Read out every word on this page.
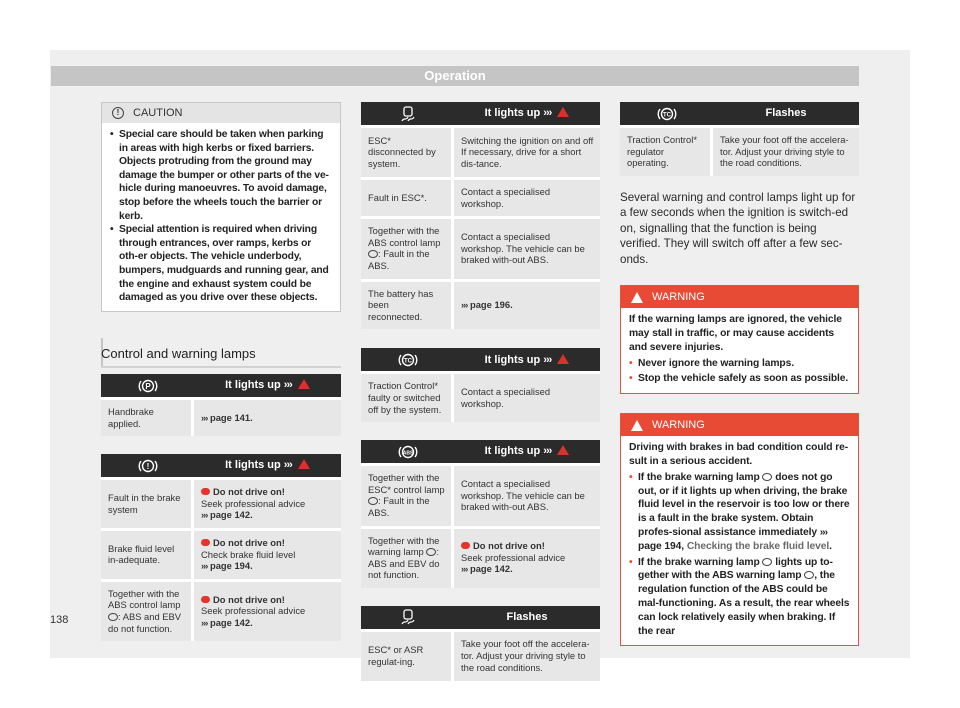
Operation
138
!	CAUTION
• Special care should be taken when parking in areas with high kerbs or fixed barriers. Objects protruding from the ground may damage the bumper or other parts of the ve-hicle during manoeuvres. To avoid damage, stop before the wheels touch the barrier or kerb.
• Special attention is required when driving through entrances, over ramps, kerbs or oth-er objects. The vehicle underbody, bumpers, mudguards and running gear, and the engine and exhaust system could be damaged as you drive over these objects.
Control and warning lamps
P	It lights up ›››
Handbrake applied.	››› page 141.
!	It lights up ›››
Fault in the brake system	Do not drive on!
Seek professional advice
››› page 142.
Brake fluid level in-adequate.	Do not drive on!
Check brake fluid level
››› page 194.
Together with the ABS control lamp
: ABS and EBV do not function.	Do not drive on!
Seek professional advice
››› page 142.
	It lights up ›››
ESC* disconnected by system.	Switching the ignition on and off If necessary, drive for a short dis-tance.
Fault in ESC*.	Contact a specialised workshop.
Together with the ABS control lamp
: Fault in the ABS.	Contact a specialised workshop. The vehicle can be braked with-out ABS.
The battery has been reconnected.	››› page 196.
TC	It lights up ›››
Traction Control* faulty or switched off by the system.	Contact a specialised workshop.
ABS	It lights up ›››
Together with the ESC* control lamp
: Fault in the ABS.	Contact a specialised workshop. The vehicle can be braked with-out ABS.
Together with the warning lamp : ABS and EBV do not function.	Do not drive on!
Seek professional advice
››› page 142.
	Flashes
ESC* or ASR regulat-ing.	Take your foot off the accelera-tor. Adjust your driving style to the road conditions.
TC	Flashes
Traction Control* regulator operating.	Take your foot off the accelera-tor. Adjust your driving style to the road conditions.

Several warning and control lamps light up for a few seconds when the ignition is switch-ed on, signalling that the function is being verified. They will switch off after a few sec-onds.

WARNING
If the warning lamps are ignored, the vehicle may stall in traffic, or may cause accidents and severe injuries.
• Never ignore the warning lamps.
• Stop the vehicle safely as soon as possible.
WARNING
Driving with brakes in bad condition could re-sult in a serious accident.
• If the brake warning lamp does not go out, or if it lights up when driving, the brake fluid level in the reservoir is too low or there is a fault in the brake system. Obtain profes-sional assistance immediately ››› page 194, Checking the brake fluid level.
• If the brake warning lamp lights up to-gether with the ABS warning lamp , the regulation function of the ABS could be mal-functioning. As a result, the rear wheels can lock relatively easily when braking. If the rear
